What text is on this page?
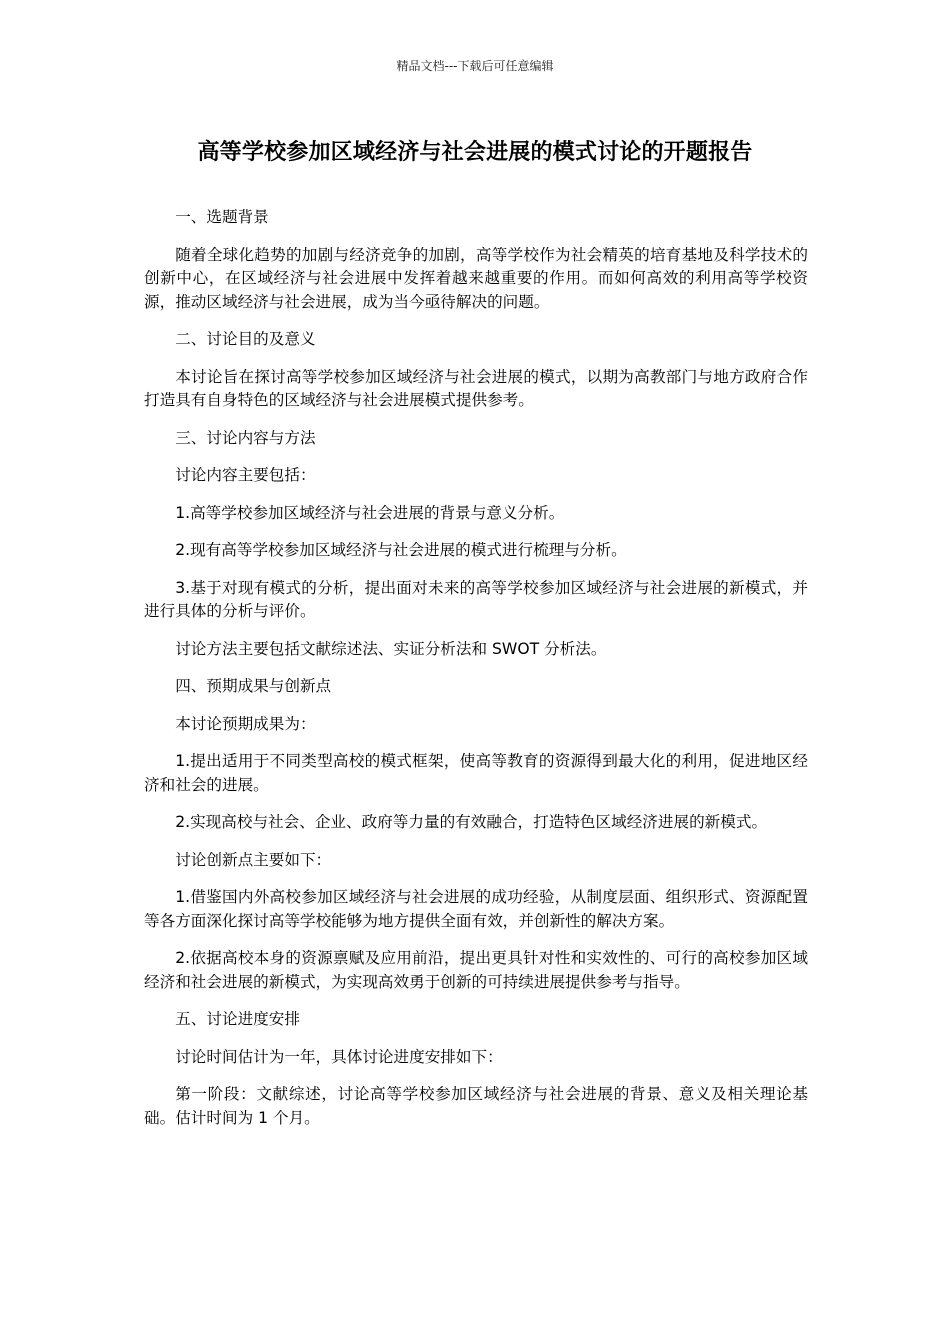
精品文档---下载后可任意编辑
高等学校参加区域经济与社会进展的模式讨论的开题报告

一、选题背景

随着全球化趋势的加剧与经济竞争的加剧，高等学校作为社会精英的培育基地及科学技术的创新中心，在区域经济与社会进展中发挥着越来越重要的作用。而如何高效的利用高等学校资源，推动区域经济与社会进展，成为当今亟待解决的问题。

二、讨论目的及意义

本讨论旨在探讨高等学校参加区域经济与社会进展的模式，以期为高教部门与地方政府合作打造具有自身特色的区域经济与社会进展模式提供参考。

三、讨论内容与方法

讨论内容主要包括：

1.高等学校参加区域经济与社会进展的背景与意义分析。

2.现有高等学校参加区域经济与社会进展的模式进行梳理与分析。

3.基于对现有模式的分析，提出面对未来的高等学校参加区域经济与社会进展的新模式，并进行具体的分析与评价。

讨论方法主要包括文献综述法、实证分析法和 SWOT 分析法。

四、预期成果与创新点

本讨论预期成果为：

1.提出适用于不同类型高校的模式框架，使高等教育的资源得到最大化的利用，促进地区经济和社会的进展。

2.实现高校与社会、企业、政府等力量的有效融合，打造特色区域经济进展的新模式。

讨论创新点主要如下：

1.借鉴国内外高校参加区域经济与社会进展的成功经验，从制度层面、组织形式、资源配置等各方面深化探讨高等学校能够为地方提供全面有效，并创新性的解决方案。

2.依据高校本身的资源禀赋及应用前沿，提出更具针对性和实效性的、可行的高校参加区域经济和社会进展的新模式，为实现高效勇于创新的可持续进展提供参考与指导。

五、讨论进度安排

讨论时间估计为一年，具体讨论进度安排如下：

第一阶段：文献综述，讨论高等学校参加区域经济与社会进展的背景、意义及相关理论基础。估计时间为 1 个月。
